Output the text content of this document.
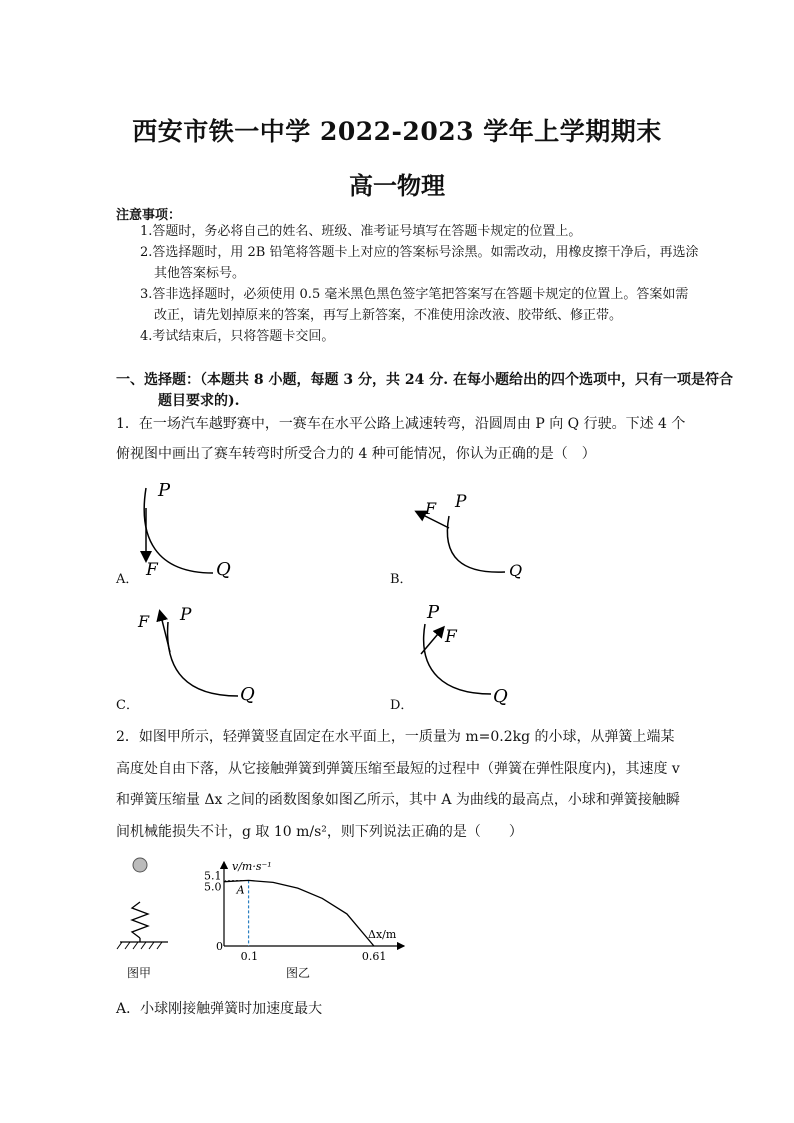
西安市铁一中学 2022-2023 学年上学期期末
高一物理
注意事项：
1.答题时，务必将自己的姓名、班级、准考证号填写在答题卡规定的位置上。
2.答选择题时，用 2B 铅笔将答题卡上对应的答案标号涂黑。如需改动，用橡皮擦干净后，再选涂其他答案标号。
3.答非选择题时，必须使用 0.5 毫米黑色黑色签字笔把答案写在答题卡规定的位置上。答案如需改正，请先划掉原来的答案，再写上新答案，不准使用涂改液、胶带纸、修正带。
4.考试结束后，只将答题卡交回。
一、选择题：（本题共 8 小题，每题 3 分，共 24 分. 在每小题给出的四个选项中，只有一项是符合题目要求的).
1．在一场汽车越野赛中，一赛车在水平公路上减速转弯，沿圆周由 P 向 Q 行驶。下述 4 个俯视图中画出了赛车转弯时所受合力的 4 种可能情况，你认为正确的是（　）
A．
P
F	Q	B．
P
F
Q
C．
P
F
Q
D．
P
F
Q
2．如图甲所示，轻弹簧竖直固定在水平面上，一质量为 m=0.2kg 的小球，从弹簧上端某高度处自由下落，从它接触弹簧到弹簧压缩至最短的过程中（弹簧在弹性限度内)，其速度 v 和弹簧压缩量 Δx 之间的函数图象如图乙所示，其中 A 为曲线的最高点，小球和弹簧接触瞬间机械能损失不计，g 取 10 m/s²，则下列说法正确的是（　　）
图甲
v/m·s⁻¹
Δx/m
0
5.1
5.0
0.1	0.61
A
图乙
A．小球刚接触弹簧时加速度最大
